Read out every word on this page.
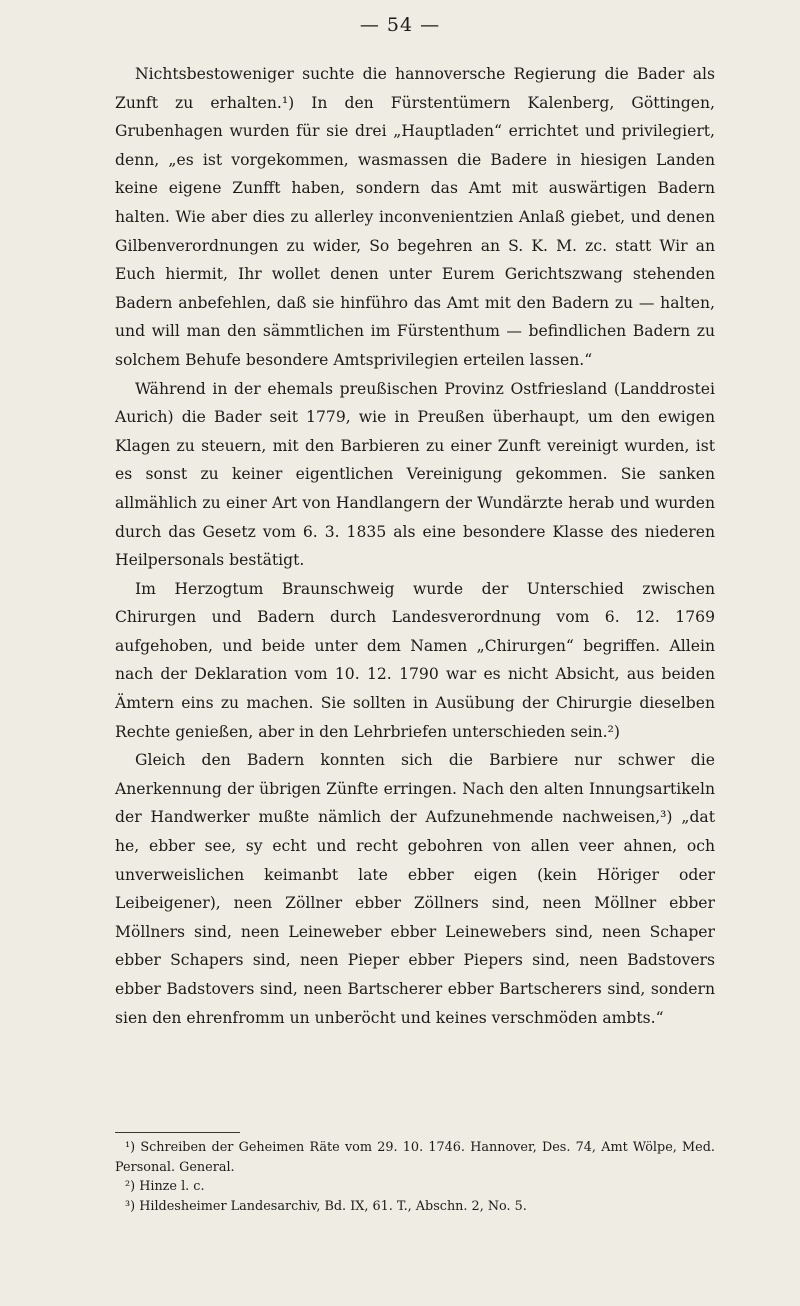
— 54 —

Nichtsbestoweniger suchte die hannoversche Regierung die Bader als Zunft zu erhalten.¹) In den Fürstentümern Kalenberg, Göttingen, Grubenhagen wurden für sie drei „Hauptladen“ errichtet und privilegiert, denn, „es ist vorgekommen, wasmassen die Badere in hiesigen Landen keine eigene Zunfft haben, sondern das Amt mit auswärtigen Badern halten. Wie aber dies zu allerley inconvenientzien Anlaß giebet, und denen Gilbenverordnungen zu wider, So begehren an S. K. M. zc. statt Wir an Euch hiermit, Ihr wollet denen unter Eurem Gerichtszwang stehenden Badern anbefehlen, daß sie hinführo das Amt mit den Badern zu — halten, und will man den sämmtlichen im Fürstenthum — befindlichen Badern zu solchem Behufe besondere Amtsprivilegien erteilen lassen.“

Während in der ehemals preußischen Provinz Ostfriesland (Landdrostei Aurich) die Bader seit 1779, wie in Preußen überhaupt, um den ewigen Klagen zu steuern, mit den Barbieren zu einer Zunft vereinigt wurden, ist es sonst zu keiner eigentlichen Vereinigung gekommen. Sie sanken allmählich zu einer Art von Handlangern der Wundärzte herab und wurden durch das Gesetz vom 6. 3. 1835 als eine besondere Klasse des niederen Heilpersonals bestätigt.

Im Herzogtum Braunschweig wurde der Unterschied zwischen Chirurgen und Badern durch Landesverordnung vom 6. 12. 1769 aufgehoben, und beide unter dem Namen „Chirurgen“ begriffen. Allein nach der Deklaration vom 10. 12. 1790 war es nicht Absicht, aus beiden Ämtern eins zu machen. Sie sollten in Ausübung der Chirurgie dieselben Rechte genießen, aber in den Lehrbriefen unterschieden sein.²)

Gleich den Badern konnten sich die Barbiere nur schwer die Anerkennung der übrigen Zünfte erringen. Nach den alten Innungsartikeln der Handwerker mußte nämlich der Aufzunehmende nachweisen,³) „dat he, ebber see, sy echt und recht gebohren von allen veer ahnen, och unverweislichen keimanbt late ebber eigen (kein Höriger oder Leibeigener), neen Zöllner ebber Zöllners sind, neen Möllner ebber Möllners sind, neen Leineweber ebber Leinewebers sind, neen Schaper ebber Schapers sind, neen Pieper ebber Piepers sind, neen Badstovers ebber Badstovers sind, neen Bartscherer ebber Bartscherers sind, sondern sien den ehrenfromm un unberöcht und keines verschmöden ambts.“

¹) Schreiben der Geheimen Räte vom 29. 10. 1746. Hannover, Des. 74, Amt Wölpe, Med. Personal. General.

²) Hinze l. c.

³) Hildesheimer Landesarchiv, Bd. IX, 61. T., Abschn. 2, No. 5.
